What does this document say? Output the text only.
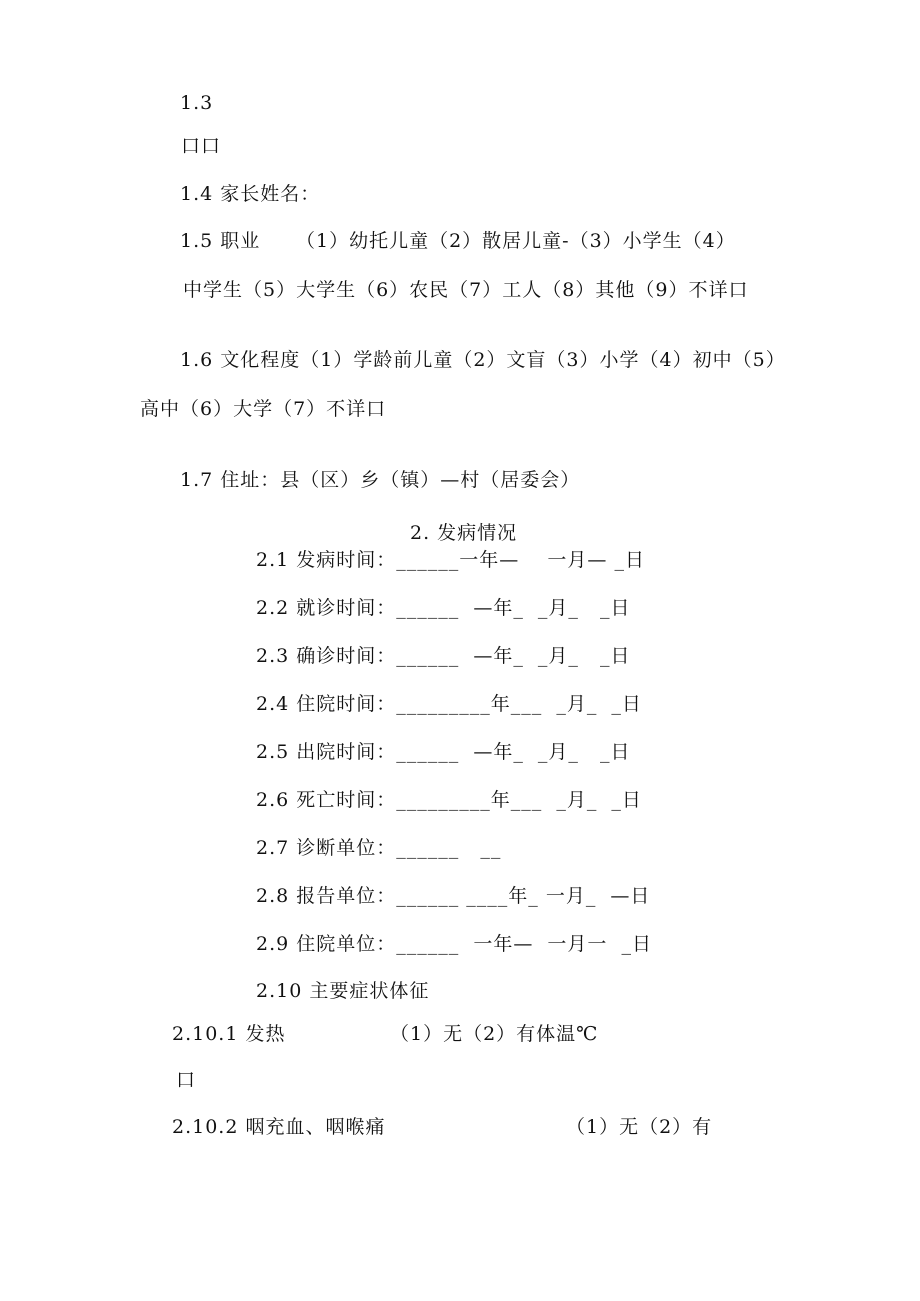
1.3
口口
1.4 家长姓名：
1.5 职业 （1）幼托儿童（2）散居儿童-（3）小学生（4）
中学生（5）大学生（6）农民（7）工人（8）其他（9）不详口
1.6 文化程度（1）学龄前儿童（2）文盲（3）小学（4）初中（5）
高中（6）大学（7）不详口
1.7 住址：县（区）乡（镇）—村（居委会）
2. 发病情况
2.1 发病时间：______一年—    一月— _日
2.2 就诊时间：______  —年_  _月_   _日
2.3 确诊时间：______  —年_  _月_   _日
2.4 住院时间：_________年___  _月_  _日
2.5 出院时间：______  —年_  _月_   _日
2.6 死亡时间：_________年___  _月_  _日
2.7 诊断单位：______   __
2.8 报告单位：______ ____年_ 一月_  —日
2.9 住院单位：______  一年—  一月一  _日
2.10 主要症状体征
2.10.1 发热	（1）无（2）有体温℃
口
2.10.2 咽充血、咽喉痛	（1）无（2）有
